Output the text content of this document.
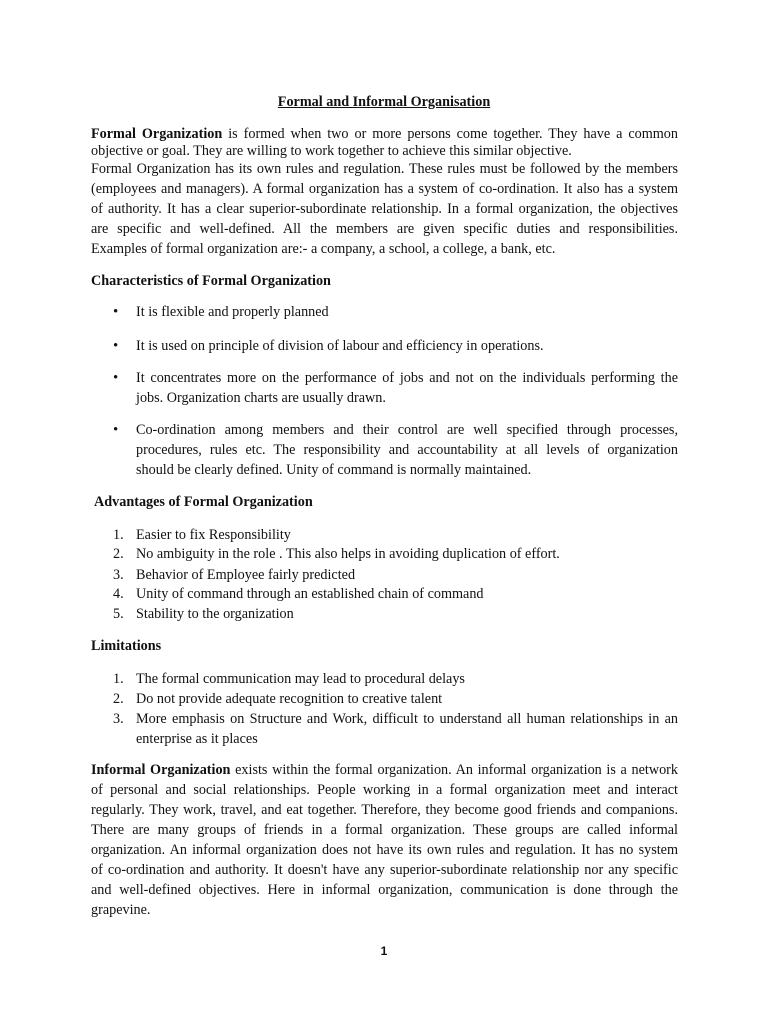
Formal and Informal Organisation
Formal Organization is formed when two or more persons come together. They have a common
objective or goal. They are willing to work together to achieve this similar objective.
Formal Organization has its own rules and regulation. These rules must be followed by the members
(employees and managers). A formal organization has a system of co-ordination. It also has a system
of authority. It has a clear superior-subordinate relationship. In a formal organization, the objectives
are specific and well-defined. All the members are given specific duties and responsibilities.
Examples of formal organization are:- a company, a school, a college, a bank, etc.
Characteristics of Formal Organization
• It is flexible and properly planned
• It is used on principle of division of labour and efficiency in operations.
• It concentrates more on the performance of jobs and not on the individuals performing the
jobs. Organization charts are usually drawn.
• Co-ordination among members and their control are well specified through processes,
procedures, rules etc. The responsibility and accountability at all levels of organization
should be clearly defined. Unity of command is normally maintained.
Advantages of Formal Organization
1. Easier to fix Responsibility
2. No ambiguity in the role . This also helps in avoiding duplication of effort.
3. Behavior of Employee fairly predicted
4. Unity of command through an established chain of command
5. Stability to the organization
Limitations
1. The formal communication may lead to procedural delays
2. Do not provide adequate recognition to creative talent
3. More emphasis on Structure and Work, difficult to understand all human relationships in an
enterprise as it places
Informal Organization exists within the formal organization. An informal organization is a network
of personal and social relationships. People working in a formal organization meet and interact
regularly. They work, travel, and eat together. Therefore, they become good friends and companions.
There are many groups of friends in a formal organization. These groups are called informal
organization. An informal organization does not have its own rules and regulation. It has no system
of co-ordination and authority. It doesn't have any superior-subordinate relationship nor any specific
and well-defined objectives. Here in informal organization, communication is done through the
grapevine.
1
